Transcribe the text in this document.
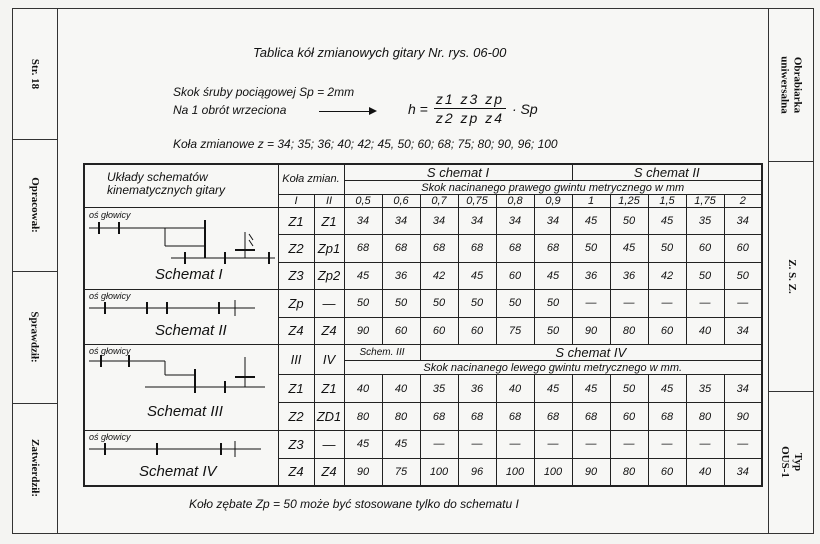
Str. 18
Opracował:
Sprawdził:
Zatwierdził:
Obrabiarka
uniwersalna
Z. S. Z.
Typ
OUS-1
Tablica kół zmianowych gitary Nr. rys. 06-00
Skok śruby pociągowej Sp = 2mm
Na 1 obrót wrzeciona	$h = \frac{z1 z3 zp}{\text{z2 zp z4}} \cdot Sp$
Koła zmianowe z = 34; 35; 36; 40; 42; 45, 50; 60; 68; 75; 80; 90, 96; 100
Układy schematów kinematycznych gitary	Koła zmian.		S chemat I						S chemat II				
			Skok nacinanego prawego gwintu metrycznego w mm										
	I	II	0,5	0,6	0,7	0,75	0,8	0,9	1	1,25	1,5	1,75	2

oś głowicy
Schemat I	Z1	Z1	34	34	34	34	34	34	45	50	45	35	34
	Z2	Zp1	68	68	68	68	68	68	50	45	50	60	60
	Z3	Zp2	45	36	42	45	60	45	36	36	42	50	50

oś głowicy
Schemat II	Zp	—	50	50	50	50	50	50	—	—	—	—	—
	Z4	Z4	90	60	60	60	75	50	90	80	60	40	34

oś głowicy
Schemat III	III	IV	Schem. III		S chemat IV								
			Skok nacinanego lewego gwintu metrycznego w mm.										
	Z1	Z1	40	40	35	36	40	45	45	50	45	35	34
	Z2	ZD1	80	80	68	68	68	68	68	60	68	80	90

oś głowicy
Schemat IV	Z3	—	45	45	—	—	—	—	—	—	—	—	—
	Z4	Z4	90	75	100	96	100	100	90	80	60	40	34
Koło zębate Zp = 50 może być stosowane tylko do schematu I
